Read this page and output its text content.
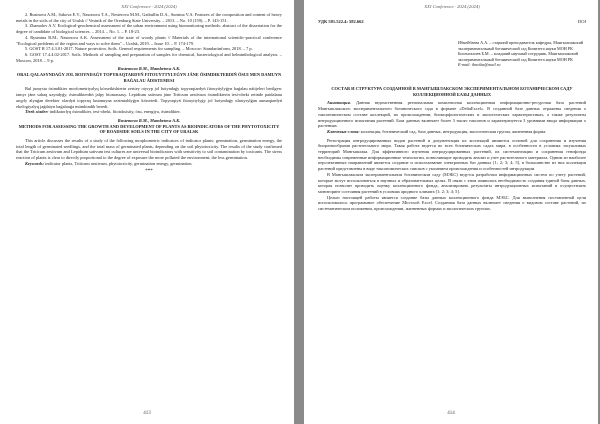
XXI Conference · 2024 (2024)

2. Rusinova A.M., Sakova E.V., Nasonova T.A., Nesterova M.M., Gaibullin D.A., Surnina V.A. Features of the composition and content of heavy metals in the soils of the city of Uralsk // Vestnik of the Orenburg State University. – 2013. – No. 10 (159). – P. 143-151.

3. Zhamalov A.V. Ecological-geochemical assessment of the urban environment using biomonitoring methods: abstract of the dissertation for the degree of candidate of biological sciences. – 2014. – No. 1. – P. 18-23.

4. Ryumina R.M., Nasonova A.K. Assessment of the state of woody plants // Materials of the international scientific-practical conference "Ecological problems of the region and ways to solve them" – Uralsk, 2019. – Issue 10. – P. 174-179.

5. GOST R 17.4.3.01-2017. Nature protection. Soils. General requirements for sampling. – Moscow: Standartinform, 2018. – 7 p.

6. GOST 17.4.4.02-2017. Soils. Methods of sampling and preparation of samples for chemical, bacteriological and helminthological analysis. – Moscow, 2018. – 9 p.

Rustemova R.M., Mambetova A.K.

ORAL QALASYNDAǴY JOL BOIYNDAǴY TOPYRAQTARDYŃ FITOUYTTYLYǴYN JÁNE ÓSIMDIKTERDIŃ ÓSUI MEN DAMUYN BAǴALAU ÁDISTEMESI

Bul jumysta ósimdikter morfometriyalyq kórsetkishterin zerttey otyryp jol boiyndaǵy topyraqtardyń fitouyttylyǵyn baǵalau nátijeleri berilgen: tamyr jáne sabaq uzyndyǵy, ósimdikterdiń jalpy biomassasy. Lepidium sativum jáne Triticum aestivum ósimdikterin test-obekt retinde paidalanu arqyly alynǵan derekter olardyń topyraq lastanuyna sezimtaldyǵyn kórsetedi. Topyraqtyń fitouyttylyǵy jol boiyndaǵy ulastyrylǵan aumaqtardyń ekologiyalyq jaǵdaiyn baǵalauǵa múmkindik beredi.

Tirek sózder: indikatorlyq ósimdikter, test-obekt, fitotoksisity, ósu, energiya, ósimdikter.

Rustemova R.M., Mambetova A.K.

METHODS FOR ASSESSING THE GROWTH AND DEVELOPMENT OF PLANTS AS BIOINDICATORS OF THE PHYTOTOXICITY OF ROADSIDE SOILS IN THE CITY OF URALSK

This article discusses the results of a study of the following morphometric indicators of indicator plants: germination, germination energy, the total length of germinated seedlings, and the total mass of germinated plants, depending on the soil phytotoxicity. The results of the study confirmed that the Triticum aestivum and Lepidium sativum test cultures are universal bioindicators with sensitivity to soil contamination by toxicants. The stress reaction of plants is clear to directly proportional to the degree of exposure the more polluted the environment, the less germination.

Keywords: indicator plants, Triticum aestivum, phytotoxicity, germination energy, germination.

***
413
XXI Conference · 2024 (2024)
УДК 581.522.4: 582.662	DOI

Ибнейбаева А.А. – старший преподаватель кафедры, Мангышлакский экспериментальный ботанический сад Комитета науки МОН РК

Бисенгалиев Б.М. – младший научный сотрудник, Мангышлакский экспериментальный ботанический сад Комитета науки МОН РК

E-mail: ibneiba@mail.ru

СОСТАВ И СТРУКТУРА СОЗДАННОЙ В МАНГЫШЛАКСКОМ ЭКСПЕРИМЕНТАЛЬНОМ БОТАНИЧЕСКОМ САДУ КОЛЛЕКЦИОННОЙ БАЗЫ ДАННЫХ

Аннотация. Данная ведомственная региональная комплексная коллекционная информационно-ресурсная база растений Мангышлакского экспериментального ботанического сада в формате «DeltaExcel». В созданной базе данных отражены сведения о таксономическом составе коллекций, их происхождении, биоморфологических и экологических характеристиках, а также результаты интродукционного испытания растений. База данных включает более 3 тысяч таксонов и характеризуется 3 уровнями ввода информации о растениях.

Ключевые слова: коллекция, ботанический сад, база данных, интродукция, экологическая группа, жизненная форма.

Регистрация интродуцированных видов растений и документация их коллекций являются основой для сохранения и изучения биоразнообразия растительного мира. Такая работа ведется во всех ботанических садах мира, в особенности в условиях засушливых территорий Мангышлака. Для эффективного изучения интродуцированных растений, их систематизации и сохранения генофонда необходимы современные информационные технологии, позволяющие проводить анализ и учет растительного материала. Одним из наиболее перспективных направлений является создание и использование электронных баз данных [1; 2; 3; 4; 5], в большинстве из них коллекции растений представлены в виде таксономических списков с указанием происхождения и особенностей интродукции.

В Мангышлакском экспериментальном ботаническом саду (МЭБС) ведутся разработки информационных систем по учету растений, которые могут использоваться в научных и образовательных целях. В связи с этим появилась необходимость создания единой базы данных, которая позволит проводить оценку коллекционного фонда, анализировать результаты интродукционных испытаний и осуществлять мониторинг состояния растений в условиях аридного климата [1; 2; 3; 4; 5].

Целью настоящей работы является создание базы данных коллекционного фонда МЭБС. Для выполнения поставленной цели использовалось программное обеспечение Microsoft Excel. Созданная база данных включает сведения о видовом составе растений, их систематическом положении, происхождении, жизненных формах и экологических группах.

414
